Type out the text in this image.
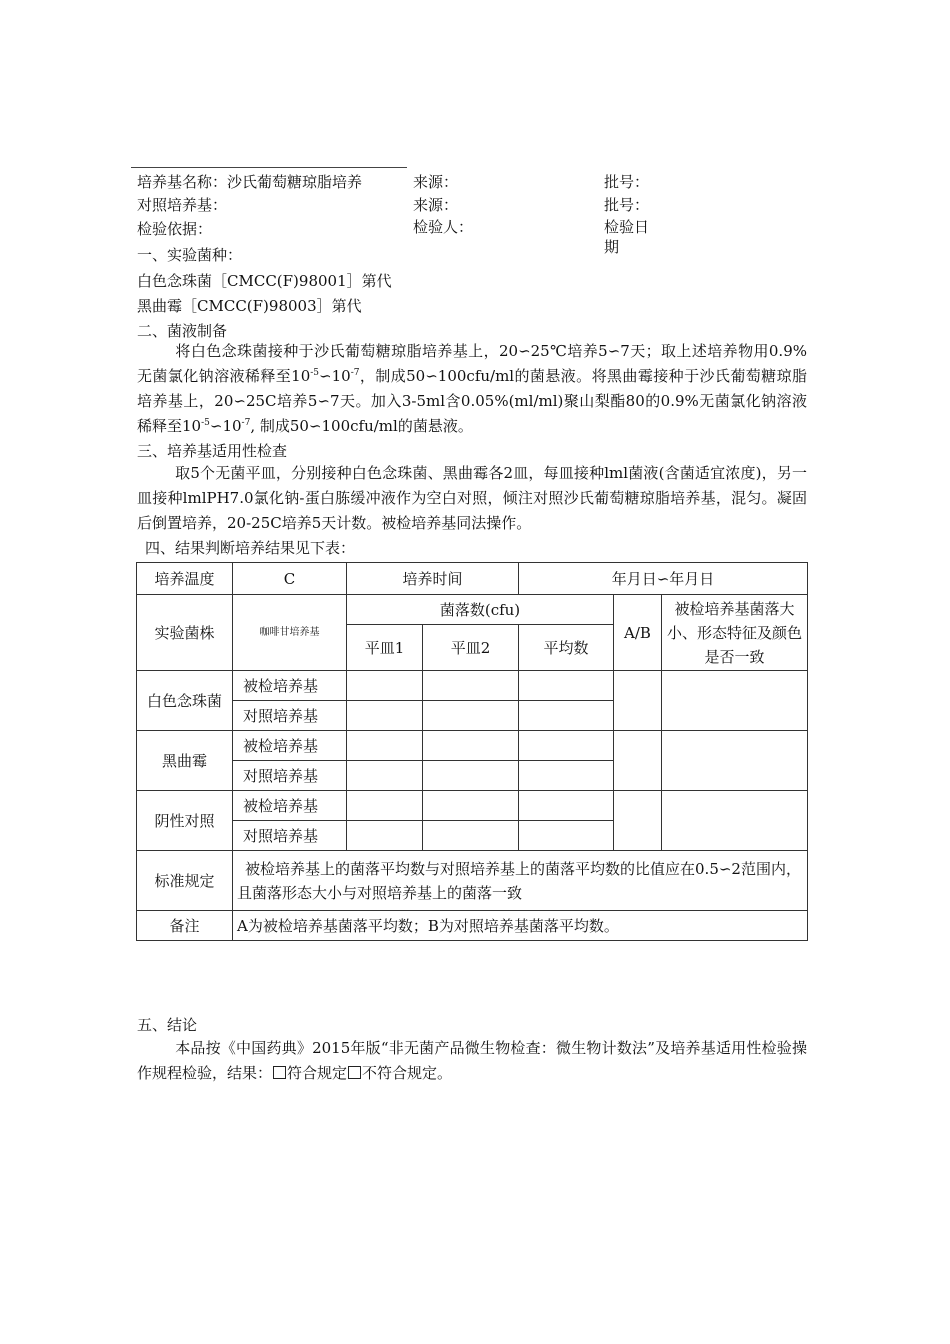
培养基名称：沙氏葡萄糖琼脂培养	来源：	批号：
对照培养基：	来源：	批号：
检验依据：	检验人：	检验日
期
一、实验菌种：
白色念珠菌［CMCC(F)98001］第代
黑曲霉［CMCC(F)98003］第代
二、菌液制备
将白色念珠菌接种于沙氏葡萄糖琼脂培养基上，20∽25℃培养5∽7天；取上述培养物用0.9%无菌氯化钠溶液稀释至$10^{-5}∽10^{-7}$，制成50∽100cfu/ml的菌悬液。将黑曲霉接种于沙氏葡萄糖琼脂培养基上，20∽25C培养5∽7天。加入3-5ml含0.05%(ml/ml)聚山梨酯80的0.9%无菌氯化钠溶液稀释至$10^{-5}∽10^{-7}$, 制成50∽100cfu/ml的菌悬液。
三、培养基适用性检查
取5个无菌平皿，分别接种白色念珠菌、黑曲霉各2皿，每皿接种lml菌液(含菌适宜浓度)，另一皿接种lmlPH7.0氯化钠-蛋白胨缓冲液作为空白对照，倾注对照沙氏葡萄糖琼脂培养基，混匀。凝固后倒置培养，20-25C培养5天计数。被检培养基同法操作。
四、结果判断培养结果见下表：
培养温度	C	培养时间		年月日∽年月日		
实验菌株	咖啡甘培养基	菌落数(cfu)			A/B	被检培养基菌落大小、形态特征及颜色是否一致
		平皿1	平皿2	平均数		
白色念珠菌	被检培养基					
	对照培养基					
黑曲霉	被检培养基					
	对照培养基					
阴性对照	被检培养基					
	对照培养基					
标准规定	被检培养基上的菌落平均数与对照培养基上的菌落平均数的比值应在0.5∽2范围内，且菌落形态大小与对照培养基上的菌落一致					
备注	A为被检培养基菌落平均数；B为对照培养基菌落平均数。					
五、结论
本品按《中国药典》2015年版“非无菌产品微生物检查：微生物计数法”及培养基适用性检验操作规程检验，结果： 符合规定 不符合规定。
